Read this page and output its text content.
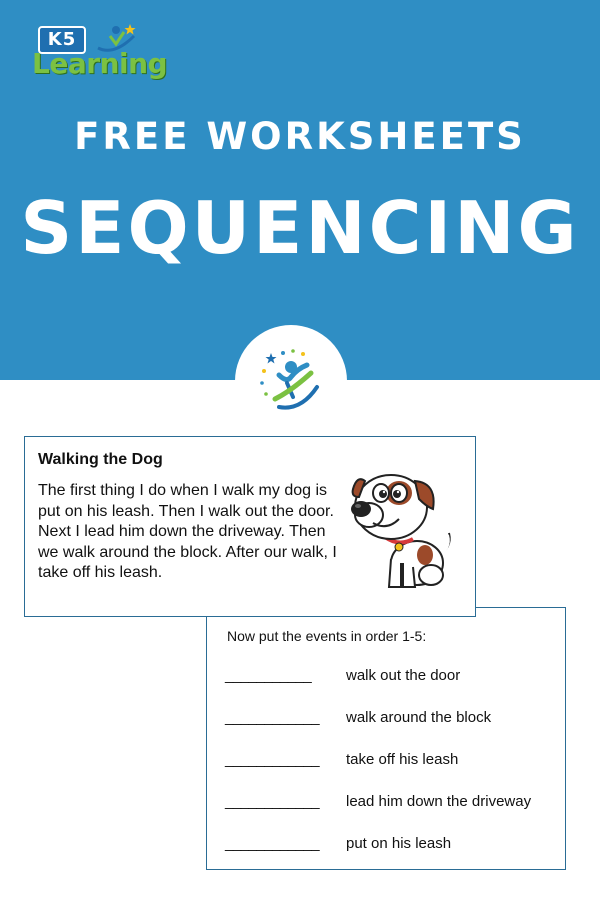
K5
Learning
FREE WORKSHEETS
SEQUENCING
Now put the events in order 1-5:
___________ walk out the door
____________ walk around the block
____________ take off his leash
____________ lead him down the driveway
____________ put on his leash
Walking the Dog

The first thing I do when I walk my dog is put on his leash. Then I walk out the door. Next I lead him down the driveway. Then we walk around the block. After our walk, I take off his leash.
